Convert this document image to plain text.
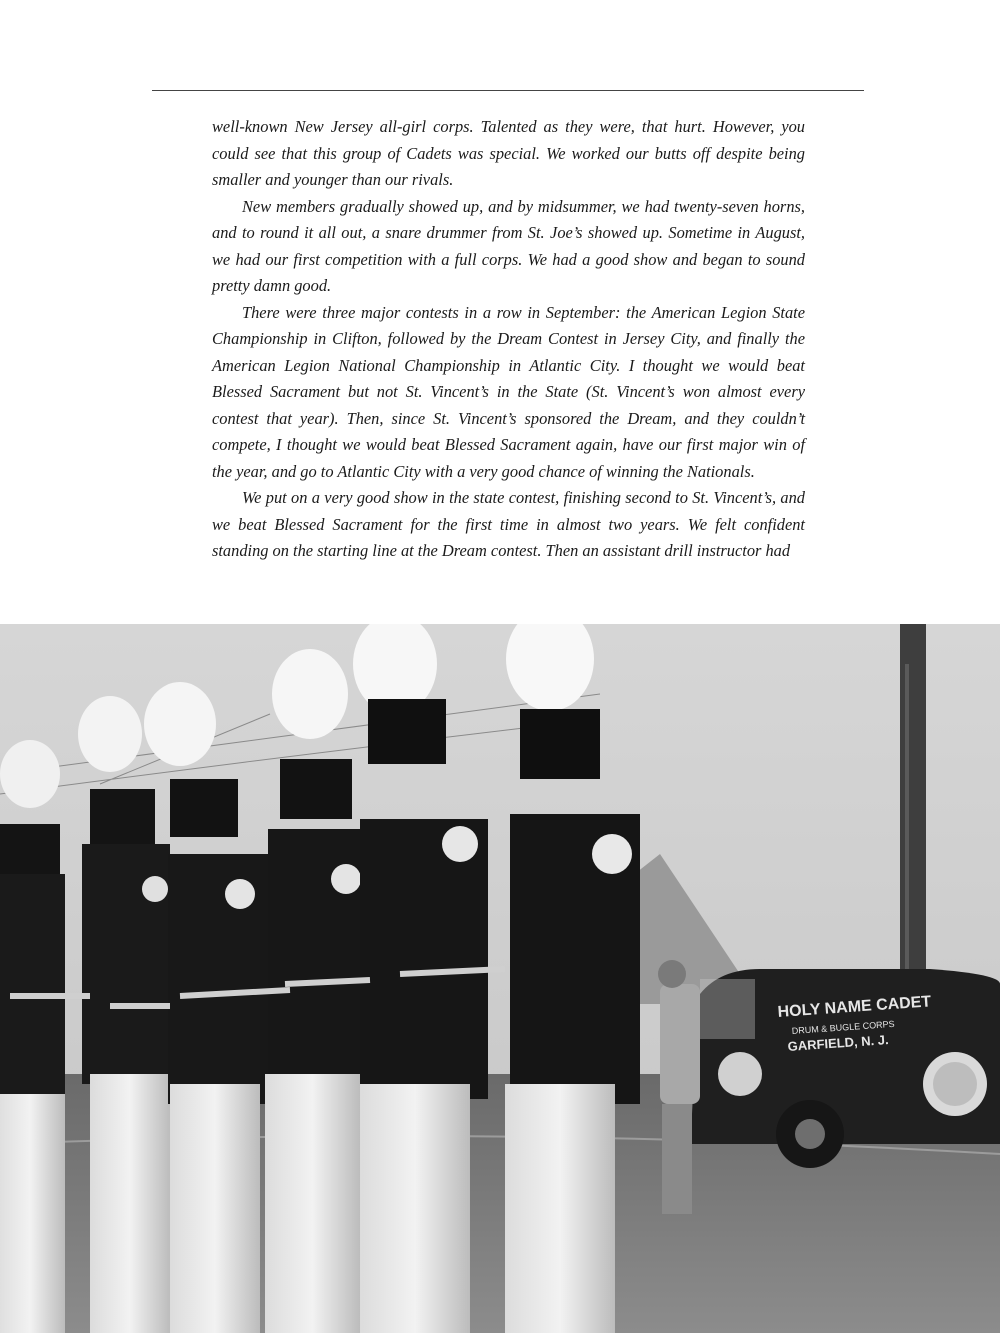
well-known New Jersey all-girl corps. Talented as they were, that hurt. However, you could see that this group of Cadets was special. We worked our butts off despite being smaller and younger than our rivals.

New members gradually showed up, and by midsummer, we had twenty-seven horns, and to round it all out, a snare drummer from St. Joe’s showed up. Sometime in August, we had our first competition with a full corps. We had a good show and began to sound pretty damn good.

There were three major contests in a row in September: the American Legion State Championship in Clifton, followed by the Dream Contest in Jersey City, and finally the American Legion National Championship in Atlantic City. I thought we would beat Blessed Sacrament but not St. Vincent’s in the State (St. Vincent’s won almost every contest that year). Then, since St. Vincent’s sponsored the Dream, and they couldn’t compete, I thought we would beat Blessed Sacrament again, have our first major win of the year, and go to Atlantic City with a very good chance of winning the Nationals.

We put on a very good show in the state contest, finishing second to St. Vincent’s, and we beat Blessed Sacrament for the first time in almost two years. We felt confident standing on the starting line at the Dream contest. Then an assistant drill instructor had

HOLY NAME CADET
DRUM & BUGLE CORPS
GARFIELD, N. J.
